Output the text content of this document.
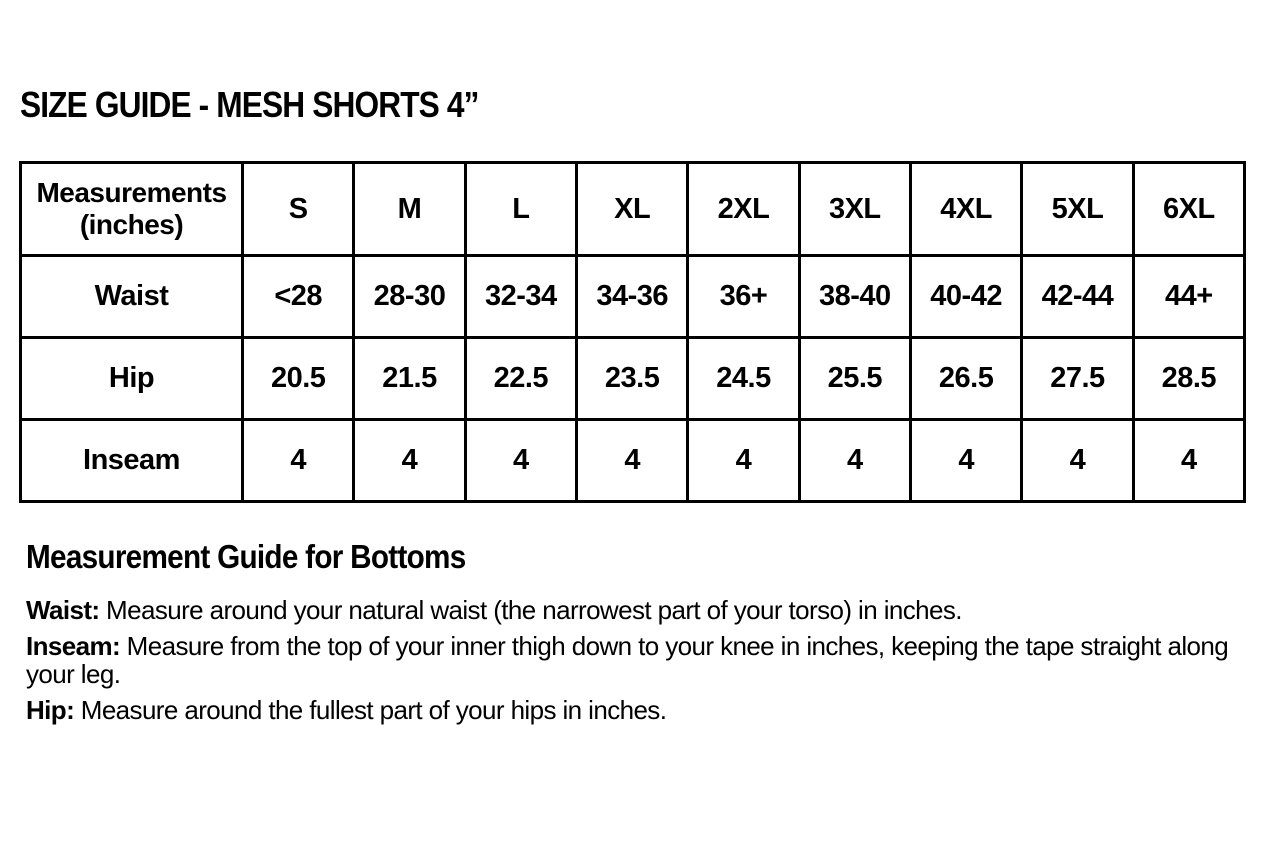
SIZE GUIDE - MESH SHORTS 4”
Measurements
(inches)	S	M	L	XL	2XL	3XL	4XL	5XL	6XL
Waist	<28	28-30	32-34	34-36	36+	38-40	40-42	42-44	44+
Hip	20.5	21.5	22.5	23.5	24.5	25.5	26.5	27.5	28.5
Inseam	4	4	4	4	4	4	4	4	4
Measurement Guide for Bottoms
Waist: Measure around your natural waist (the narrowest part of your torso) in inches.
Inseam: Measure from the top of your inner thigh down to your knee in inches, keeping the tape straight along your leg.
Hip: Measure around the fullest part of your hips in inches.
